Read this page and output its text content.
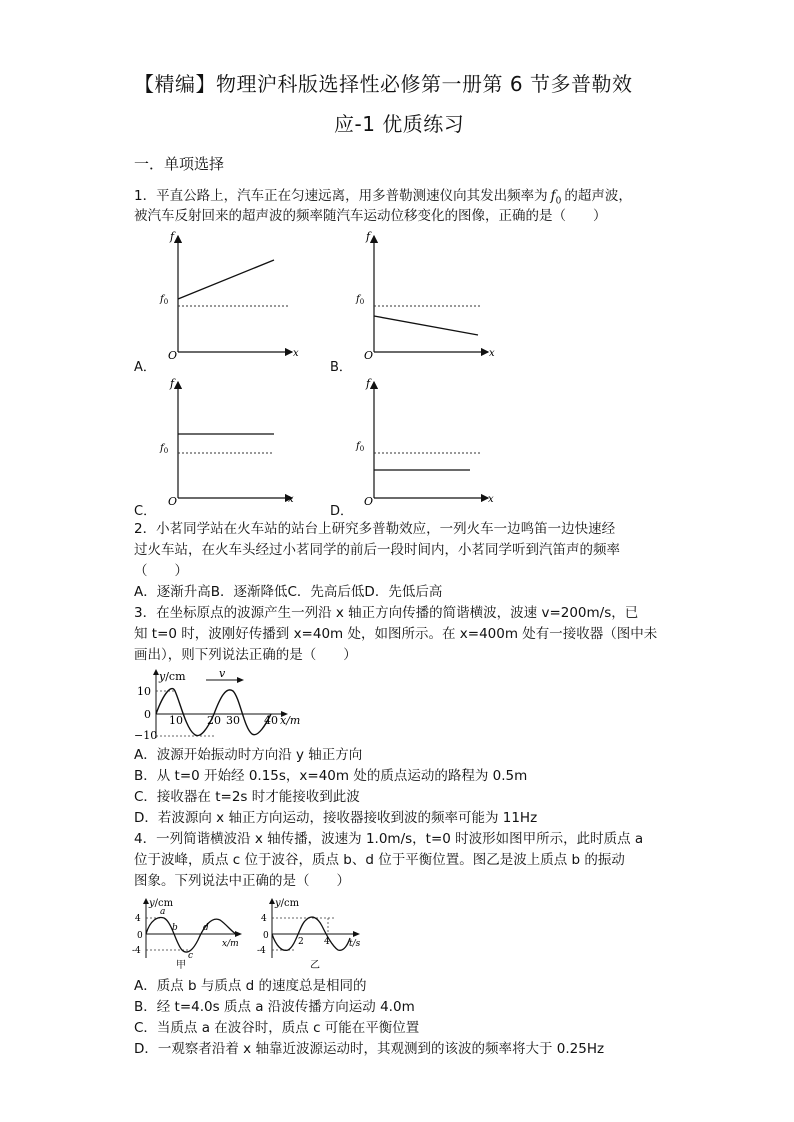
【精编】物理沪科版选择性必修第一册第 6 节多普勒效
应-1 优质练习
一．单项选择
1．平直公路上，汽车正在匀速远离，用多普勒测速仪向其发出频率为 $f_0$ 的超声波，
被汽车反射回来的超声波的频率随汽车运动位移变化的图像，正确的是（　　）
f
$f_0$
O	x
f
$f_0$
O	x
f
$f_0$
O	x
f
$f_0$
O	x
A．	B．
C．	D．
2．小茗同学站在火车站的站台上研究多普勒效应，一列火车一边鸣笛一边快速经
过火车站，在火车头经过小茗同学的前后一段时间内，小茗同学听到汽笛声的频率
（　　）
A．逐渐升高B．逐渐降低C．先高后低D．先低后高
3．在坐标原点的波源产生一列沿 x 轴正方向传播的简谐横波，波速 v=200m/s，已
知 t=0 时，波刚好传播到 x=40m 处，如图所示。在 x=400m 处有一接收器（图中未
画出），则下列说法正确的是（　　）
v
y/cm
10
0
−10
10 20 30 40 x/m
A．波源开始振动时方向沿 y 轴正方向
B．从 t=0 开始经 0.15s，x=40m 处的质点运动的路程为 0.5m
C．接收器在 t=2s 时才能接收到此波
D．若波源向 x 轴正方向运动，接收器接收到波的频率可能为 11Hz
4．一列简谐横波沿 x 轴传播，波速为 1.0m/s，t=0 时波形如图甲所示，此时质点 a
位于波峰，质点 c 位于波谷，质点 b、d 位于平衡位置。图乙是波上质点 b 的振动
图象。下列说法中正确的是（　　）
y/cm
4
0
-4
a
b
c
d
x/m
甲
y/cm
4
0
-4
2 4 t/s
乙
A．质点 b 与质点 d 的速度总是相同的
B．经 t=4.0s 质点 a 沿波传播方向运动 4.0m
C．当质点 a 在波谷时，质点 c 可能在平衡位置
D．一观察者沿着 x 轴靠近波源运动时，其观测到的该波的频率将大于 0.25Hz
